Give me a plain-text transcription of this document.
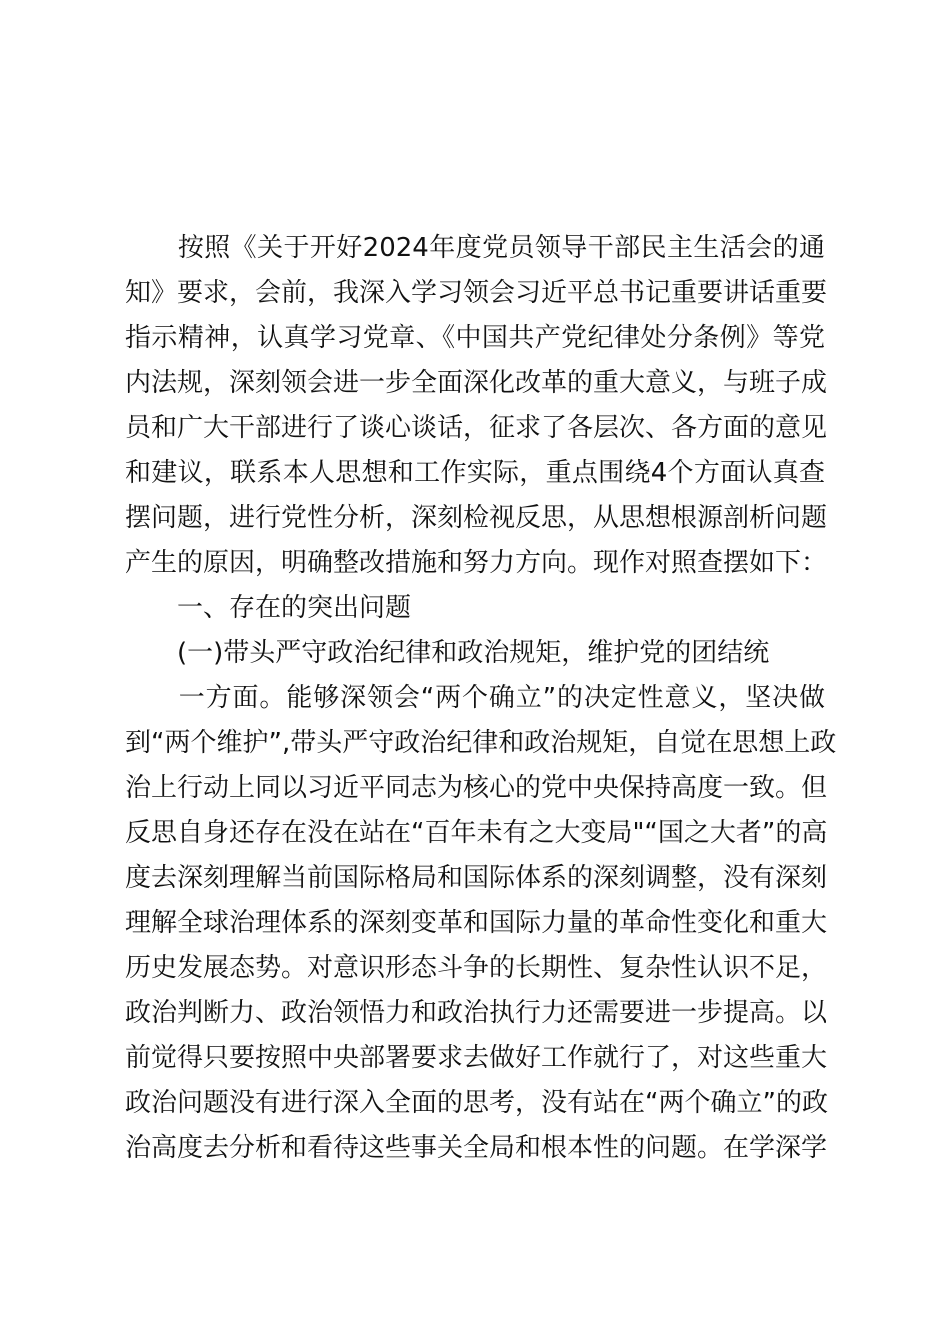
　　按照《关于开好2024年度党员领导干部民主生活会的通
知》要求，会前，我深入学习领会习近平总书记重要讲话重要
指示精神，认真学习党章、《中国共产党纪律处分条例》等党
内法规，深刻领会进一步全面深化改革的重大意义，与班子成
员和广大干部进行了谈心谈话，征求了各层次、各方面的意见
和建议，联系本人思想和工作实际，重点围绕4个方面认真查
摆问题，进行党性分析，深刻检视反思，从思想根源剖析问题
产生的原因，明确整改措施和努力方向。现作对照查摆如下：
　　一、存在的突出问题
　　(一)带头严守政治纪律和政治规矩，维护党的团结统
　　一方面。能够深领会“两个确立”的决定性意义，坚决做
到“两个维护”,带头严守政治纪律和政治规矩，自觉在思想上政
治上行动上同以习近平同志为核心的党中央保持高度一致。但
反思自身还存在没在站在“百年未有之大变局"“国之大者”的高
度去深刻理解当前国际格局和国际体系的深刻调整，没有深刻
理解全球治理体系的深刻变革和国际力量的革命性变化和重大
历史发展态势。对意识形态斗争的长期性、复杂性认识不足，
政治判断力、政治领悟力和政治执行力还需要进一步提高。以
前觉得只要按照中央部署要求去做好工作就行了，对这些重大
政治问题没有进行深入全面的思考，没有站在“两个确立”的政
治高度去分析和看待这些事关全局和根本性的问题。在学深学
